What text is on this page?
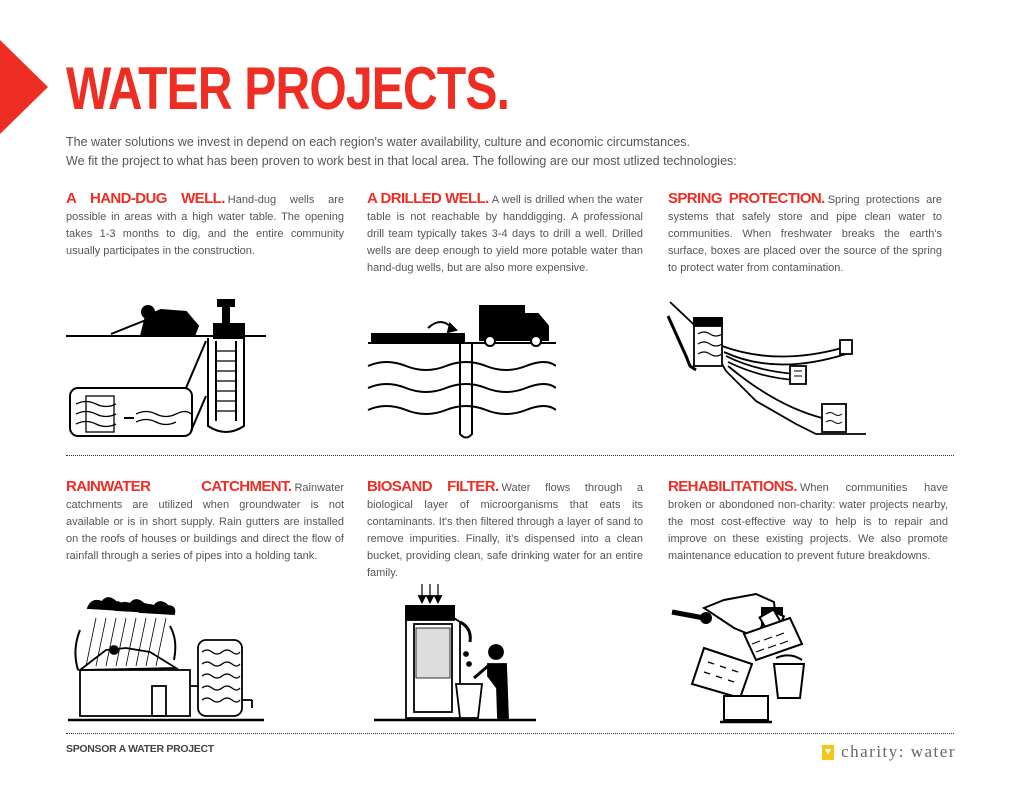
WATER PROJECTS.

The water solutions we invest in depend on each region's water availability, culture and economic circumstances.

We fit the project to what has been proven to work best in that local area. The following are our most utlized technologies:

A HAND-DUG WELL. Hand-dug wells are possible in areas with a high water table. The opening takes 1-3 months to dig, and the entire community usually participates in the construction.
A DRILLED WELL. A well is drilled when the water table is not reachable by handdigging. A professional drill team typically takes 3-4 days to drill a well. Drilled wells are deep enough to yield more potable water than hand-dug wells, but are also more expensive.
SPRING PROTECTION. Spring protections are systems that safely store and pipe clean water to communities. When freshwater breaks the earth's surface, boxes are placed over the source of the spring to protect water from contamination.
RAINWATER CATCHMENT. Rainwater catchments are utilized when groundwater is not available or is in short supply. Rain gutters are installed on the roofs of houses or buildings and direct the flow of rainfall through a series of pipes into a holding tank.
BIOSAND FILTER. Water flows through a biological layer of microorganisms that eats its contaminants. It's then filtered through a layer of sand to remove impurities. Finally, it's dispensed into a clean bucket, providing clean, safe drinking water for an entire family.
REHABILITATIONS. When communities have broken or abondoned non-charity: water projects nearby, the most cost-effective way to help is to repair and improve on these existing projects. We also promote maintenance education to prevent future breakdowns.
SPONSOR A WATER PROJECT	charity: water
